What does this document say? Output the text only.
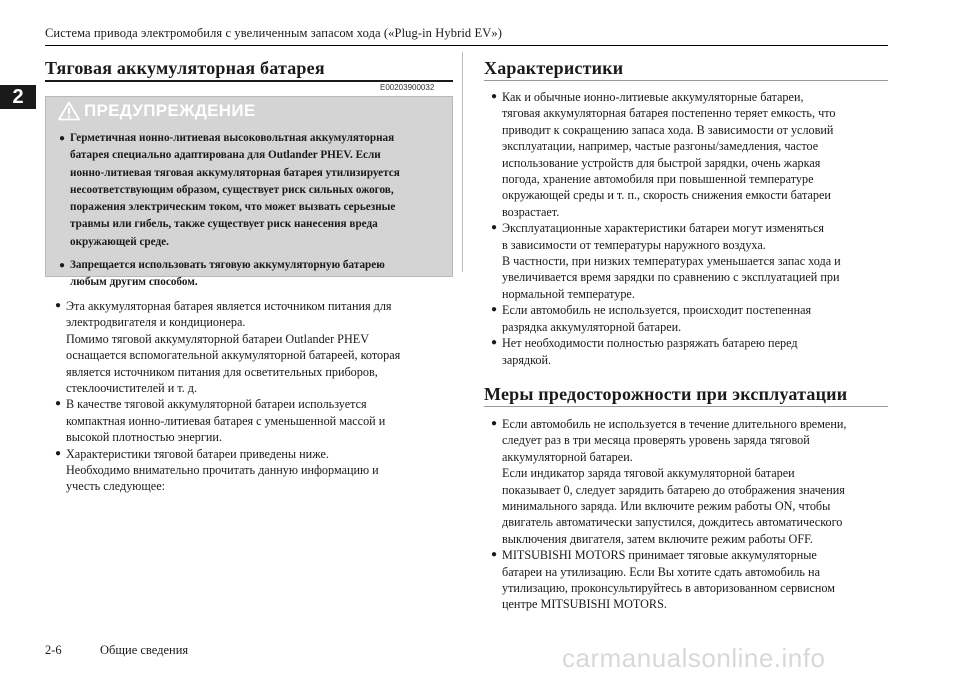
Система привода электромобиля с увеличенным запасом хода («Plug-in Hybrid EV»)
2
Тяговая аккумуляторная батарея
E00203900032
ПРЕДУПРЕЖДЕНИЕ
● Герметичная ионно-литиевая высоковольтная аккумуляторная
батарея специально адаптирована для Outlander PHEV. Если
ионно-литиевая тяговая аккумуляторная батарея утилизируется
несоответствующим образом, существует риск сильных ожогов,
поражения электрическим током, что может вызвать серьезные
травмы или гибель, также существует риск нанесения вреда
окружающей среде.
● Запрещается использовать тяговую аккумуляторную батарею
любым другим способом.
● Эта аккумуляторная батарея является источником питания для
электродвигателя и кондиционера.
Помимо тяговой аккумуляторной батареи Outlander PHEV
оснащается вспомогательной аккумуляторной батареей, которая
является источником питания для осветительных приборов,
стеклоочистителей и т. д.
● В качестве тяговой аккумуляторной батареи используется
компактная ионно-литиевая батарея с уменьшенной массой и
высокой плотностью энергии.
● Характеристики тяговой батареи приведены ниже.
Необходимо внимательно прочитать данную информацию и
учесть следующее:
Характеристики
● Как и обычные ионно-литиевые аккумуляторные батареи,
тяговая аккумуляторная батарея постепенно теряет емкость, что
приводит к сокращению запаса хода. В зависимости от условий
эксплуатации, например, частые разгоны/замедления, частое
использование устройств для быстрой зарядки, очень жаркая
погода, хранение автомобиля при повышенной температуре
окружающей среды и т. п., скорость снижения емкости батареи
возрастает.
● Эксплуатационные характеристики батареи могут изменяться
в зависимости от температуры наружного воздуха.
В частности, при низких температурах уменьшается запас хода и
увеличивается время зарядки по сравнению с эксплуатацией при
нормальной температуре.
● Если автомобиль не используется, происходит постепенная
разрядка аккумуляторной батареи.
● Нет необходимости полностью разряжать батарею перед
зарядкой.
Меры предосторожности при эксплуатации
● Если автомобиль не используется в течение длительного времени,
следует раз в три месяца проверять уровень заряда тяговой
аккумуляторной батареи.
Если индикатор заряда тяговой аккумуляторной батареи
показывает 0, следует зарядить батарею до отображения значения
минимального заряда. Или включите режим работы ON, чтобы
двигатель автоматически запустился, дождитесь автоматического
выключения двигателя, затем включите режим работы OFF.
● MITSUBISHI MOTORS принимает тяговые аккумуляторные
батареи на утилизацию. Если Вы хотите сдать автомобиль на
утилизацию, проконсультируйтесь в авторизованном сервисном
центре MITSUBISHI MOTORS.
2-6	Общие сведения	carmanualsonline.info
